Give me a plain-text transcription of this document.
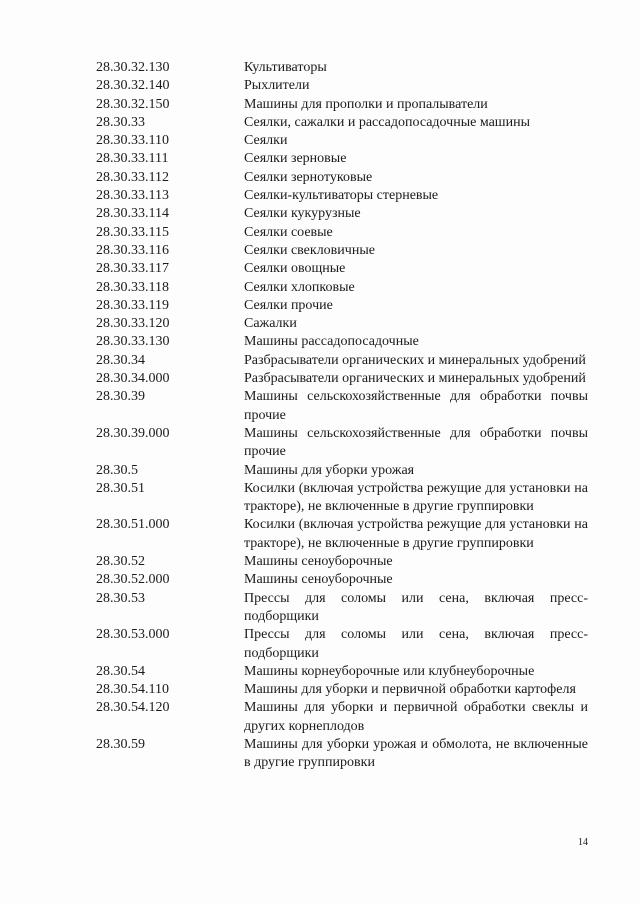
28.30.32.130	Культиваторы
28.30.32.140	Рыхлители
28.30.32.150	Машины для прополки и пропалыватели
28.30.33	Сеялки, сажалки и рассадопосадочные машины
28.30.33.110	Сеялки
28.30.33.111	Сеялки зерновые
28.30.33.112	Сеялки зернотуковые
28.30.33.113	Сеялки-культиваторы стерневые
28.30.33.114	Сеялки кукурузные
28.30.33.115	Сеялки соевые
28.30.33.116	Сеялки свекловичные
28.30.33.117	Сеялки овощные
28.30.33.118	Сеялки хлопковые
28.30.33.119	Сеялки прочие
28.30.33.120	Сажалки
28.30.33.130	Машины рассадопосадочные
28.30.34	Разбрасыватели органических и минеральных удобрений
28.30.34.000	Разбрасыватели органических и минеральных удобрений
28.30.39	Машины сельскохозяйственные для обработки почвы прочие
28.30.39.000	Машины сельскохозяйственные для обработки почвы прочие
28.30.5	Машины для уборки урожая
28.30.51	Косилки (включая устройства режущие для установки на тракторе), не включенные в другие группировки
28.30.51.000	Косилки (включая устройства режущие для установки на тракторе), не включенные в другие группировки
28.30.52	Машины сеноуборочные
28.30.52.000	Машины сеноуборочные
28.30.53	Прессы для соломы или сена, включая пресс-подборщики
28.30.53.000	Прессы для соломы или сена, включая пресс-подборщики
28.30.54	Машины корнеуборочные или клубнеуборочные
28.30.54.110	Машины для уборки и первичной обработки картофеля
28.30.54.120	Машины для уборки и первичной обработки свеклы и других корнеплодов
28.30.59	Машины для уборки урожая и обмолота, не включенные в другие группировки
14
